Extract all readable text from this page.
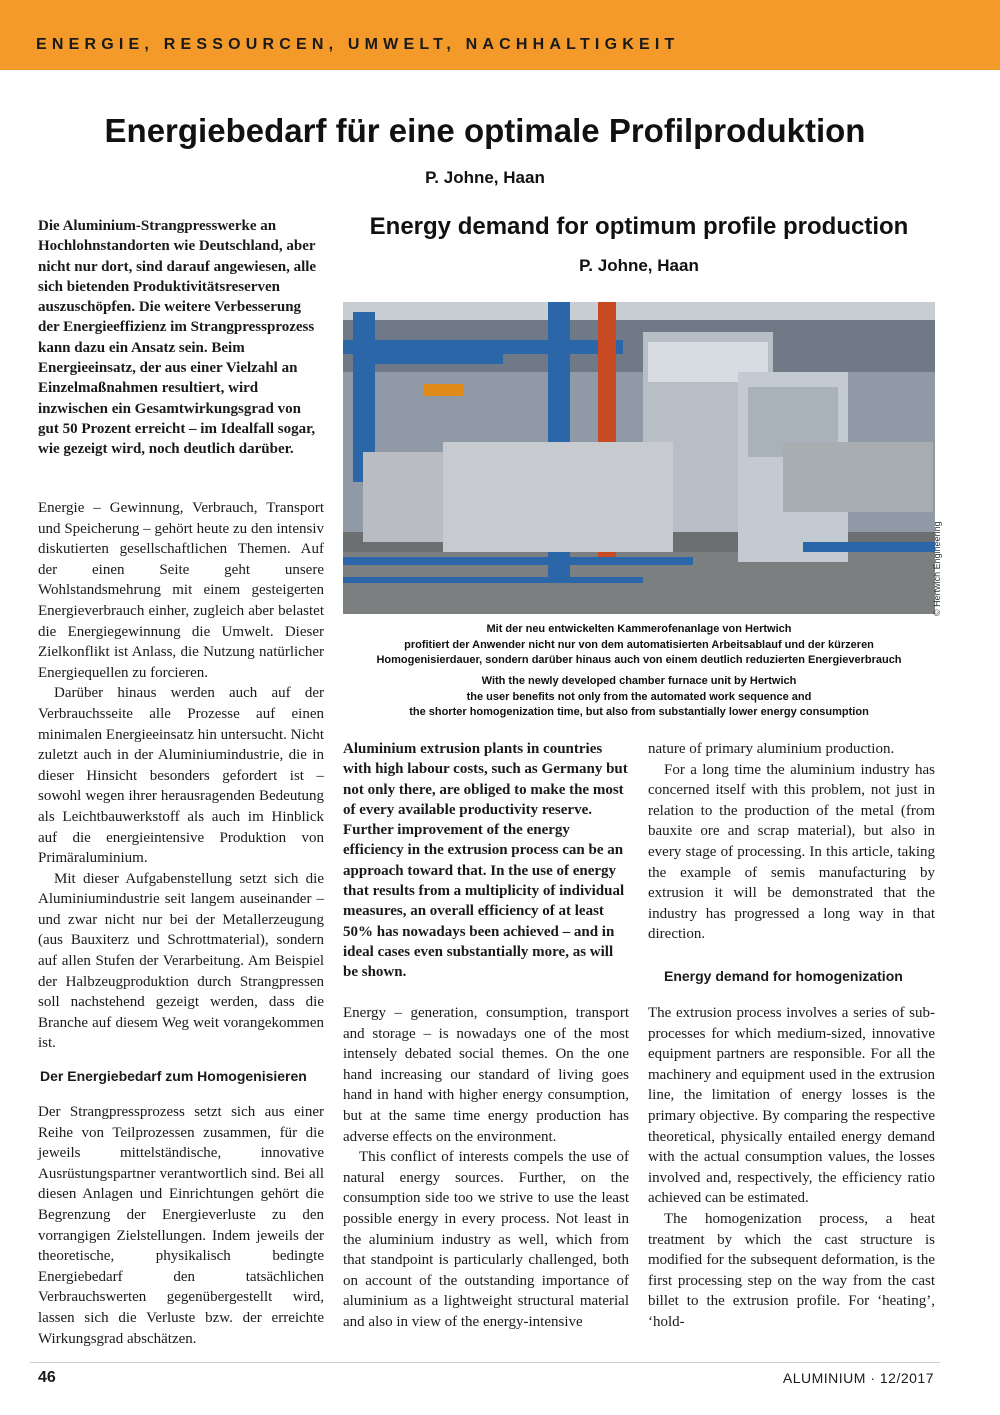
ENERGIE, RESSOURCEN, UMWELT, NACHHALTIGKEIT
Energiebedarf für eine optimale Profilproduktion
P. Johne, Haan
Die Aluminium-Strangpresswerke an Hochlohnstandorten wie Deutschland, aber nicht nur dort, sind darauf angewiesen, alle sich bietenden Produktivitätsreserven auszuschöpfen. Die weitere Verbesserung der Energieeffizienz im Strangpressprozess kann dazu ein Ansatz sein. Beim Energieeinsatz, der aus einer Vielzahl an Einzelmaßnahmen resultiert, wird inzwischen ein Gesamtwirkungsgrad von gut 50 Prozent erreicht – im Idealfall sogar, wie gezeigt wird, noch deutlich darüber.
Energy demand for optimum profile production
P. Johne, Haan

Energie – Gewinnung, Verbrauch, Transport und Speicherung – gehört heute zu den intensiv diskutierten gesellschaftlichen Themen. Auf der einen Seite geht unsere Wohlstandsmehrung mit einem gesteigerten Energieverbrauch einher, zugleich aber belastet die Energiegewinnung die Umwelt. Dieser Zielkonflikt ist Anlass, die Nutzung natürlicher Energiequellen zu forcieren.

Darüber hinaus werden auch auf der Verbrauchsseite alle Prozesse auf einen minimalen Energieeinsatz hin untersucht. Nicht zuletzt auch in der Aluminiumindustrie, die in dieser Hinsicht besonders gefordert ist – sowohl wegen ihrer herausragenden Bedeutung als Leichtbauwerkstoff als auch im Hinblick auf die energieintensive Produktion von Primäraluminium.

Mit dieser Aufgabenstellung setzt sich die Aluminiumindustrie seit langem auseinander – und zwar nicht nur bei der Metallerzeugung (aus Bauxiterz und Schrottmaterial), sondern auf allen Stufen der Verarbeitung. Am Beispiel der Halbzeugproduktion durch Strangpressen soll nachstehend gezeigt werden, dass die Branche auf diesem Weg weit vorangekommen ist.

Der Energiebedarf zum Homogenisieren

Der Strangpressprozess setzt sich aus einer Reihe von Teilprozessen zusammen, für die jeweils mittelständische, innovative Ausrüstungspartner verantwortlich sind. Bei all diesen Anlagen und Einrichtungen gehört die Begrenzung der Energieverluste zu den vorrangigen Zielstellungen. Indem jeweils der theoretische, physikalisch bedingte Energiebedarf den tatsächlichen Verbrauchswerten gegenübergestellt wird, lassen sich die Verluste bzw. der erreichte Wirkungsgrad abschätzen.

© Hertwich Engineering
Mit der neu entwickelten Kammerofenanlage von Hertwich
profitiert der Anwender nicht nur von dem automatisierten Arbeitsablauf und der kürzeren
Homogenisierdauer, sondern darüber hinaus auch von einem deutlich reduzierten Energieverbrauch
With the newly developed chamber furnace unit by Hertwich
the user benefits not only from the automated work sequence and
the shorter homogenization time, but also from substantially lower energy consumption
Aluminium extrusion plants in countries with high labour costs, such as Germany but not only there, are obliged to make the most of every available productivity reserve. Further improvement of the energy efficiency in the extrusion process can be an approach toward that. In the use of energy that results from a multiplicity of individual measures, an overall efficiency of at least 50% has nowadays been achieved – and in ideal cases even substantially more, as will be shown.

Energy – generation, consumption, transport and storage – is nowadays one of the most intensely debated social themes. On the one hand increasing our standard of living goes hand in hand with higher energy consumption, but at the same time energy production has adverse effects on the environment.

This conflict of interests compels the use of natural energy sources. Further, on the consumption side too we strive to use the least possible energy in every process. Not least in the aluminium industry as well, which from that standpoint is particularly challenged, both on account of the outstanding importance of aluminium as a lightweight structural material and also in view of the energy-intensive

nature of primary aluminium production.

For a long time the aluminium industry has concerned itself with this problem, not just in relation to the production of the metal (from bauxite ore and scrap material), but also in every stage of processing. In this article, taking the example of semis manufacturing by extrusion it will be demonstrated that the industry has progressed a long way in that direction.

Energy demand for homogenization

The extrusion process involves a series of sub-processes for which medium-sized, innovative equipment partners are responsible. For all the machinery and equipment used in the extrusion line, the limitation of energy losses is the primary objective. By comparing the respective theoretical, physically entailed energy demand with the actual consumption values, the losses involved and, respectively, the efficiency ratio achieved can be estimated.

The homogenization process, a heat treatment by which the cast structure is modified for the subsequent deformation, is the first processing step on the way from the cast billet to the extrusion profile. For ‘heating’, ‘hold-

46	ALUMINIUM · 12/2017
